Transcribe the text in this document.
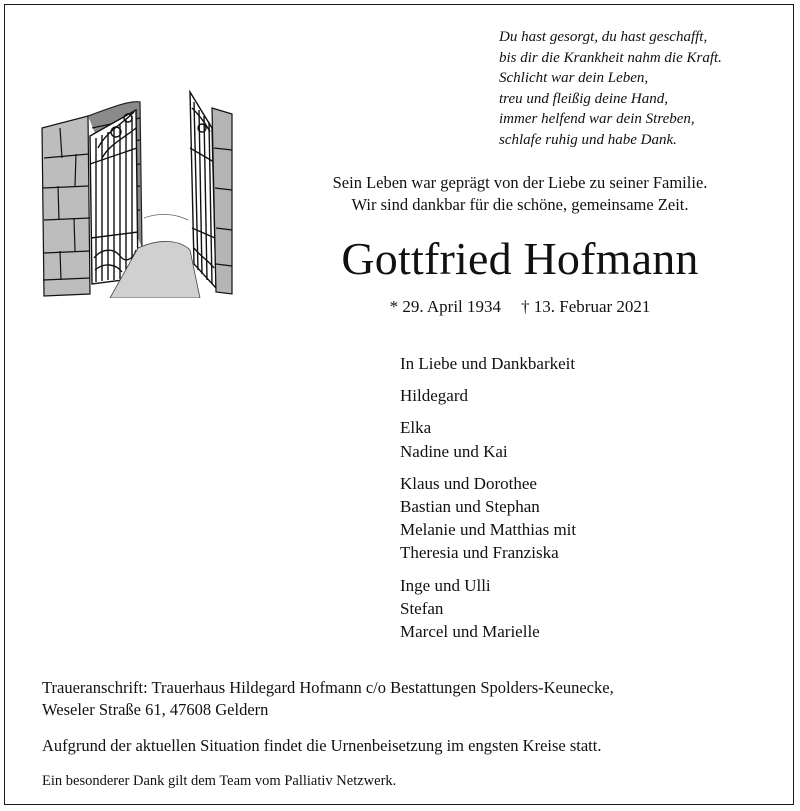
Du hast gesorgt, du hast geschafft,
bis dir die Krankheit nahm die Kraft.
Schlicht war dein Leben,
treu und fleißig deine Hand,
immer helfend war dein Streben,
schlafe ruhig und habe Dank.
Sein Leben war geprägt von der Liebe zu seiner Familie.
Wir sind dankbar für die schöne, gemeinsame Zeit.
Gottfried Hofmann
* 29. April 1934 † 13. Februar 2021
In Liebe und Dankbarkeit
Hildegard
Elka
Nadine und Kai
Klaus und Dorothee
Bastian und Stephan
Melanie und Matthias mit
Theresia und Franziska
Inge und Ulli
Stefan
Marcel und Marielle
Traueranschrift: Trauerhaus Hildegard Hofmann c/o Bestattungen Spolders-Keunecke,
Weseler Straße 61, 47608 Geldern
Aufgrund der aktuellen Situation findet die Urnenbeisetzung im engsten Kreise statt.
Ein besonderer Dank gilt dem Team vom Palliativ Netzwerk.
